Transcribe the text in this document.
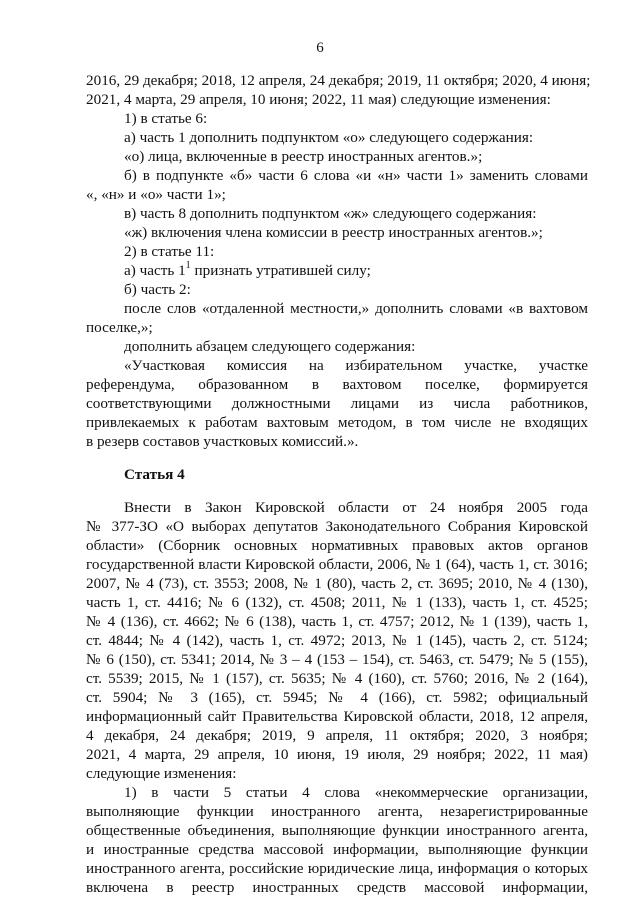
6
2016, 29 декабря; 2018, 12 апреля, 24 декабря; 2019, 11 октября; 2020, 4 июня;
2021, 4 марта, 29 апреля, 10 июня; 2022, 11 мая) следующие изменения:
1) в статье 6:
а) часть 1 дополнить подпунктом «о» следующего содержания:
«о) лица, включенные в реестр иностранных агентов.»;
б) в подпункте «б» части 6 слова «и «н» части 1» заменить словами
«, «н» и «о» части 1»;
в) часть 8 дополнить подпунктом «ж» следующего содержания:
«ж) включения члена комиссии в реестр иностранных агентов.»;
2) в статье 11:
а) часть $1^1$ признать утратившей силу;
б) часть 2:
после слов «отдаленной местности,» дополнить словами «в вахтовом
поселке,»;
дополнить абзацем следующего содержания:
«Участковая комиссия на избирательном участке, участке
референдума, образованном в вахтовом поселке, формируется
соответствующими должностными лицами из числа работников,
привлекаемых к работам вахтовым методом, в том числе не входящих
в резерв составов участковых комиссий.».
Статья 4
Внести в Закон Кировской области от 24 ноября 2005 года
№ 377-ЗО «О выборах депутатов Законодательного Собрания Кировской
области» (Сборник основных нормативных правовых актов органов
государственной власти Кировской области, 2006, № 1 (64), часть 1, ст. 3016;
2007, № 4 (73), ст. 3553; 2008, № 1 (80), часть 2, ст. 3695; 2010, № 4 (130),
часть 1, ст. 4416; № 6 (132), ст. 4508; 2011, № 1 (133), часть 1, ст. 4525;
№ 4 (136), ст. 4662; № 6 (138), часть 1, ст. 4757; 2012, № 1 (139), часть 1,
ст. 4844; № 4 (142), часть 1, ст. 4972; 2013, № 1 (145), часть 2, ст. 5124;
№ 6 (150), ст. 5341; 2014, № 3 – 4 (153 – 154), ст. 5463, ст. 5479; № 5 (155),
ст. 5539; 2015, № 1 (157), ст. 5635; № 4 (160), ст. 5760; 2016, № 2 (164),
ст. 5904; № 3 (165), ст. 5945; № 4 (166), ст. 5982; официальный
информационный сайт Правительства Кировской области, 2018, 12 апреля,
4 декабря, 24 декабря; 2019, 9 апреля, 11 октября; 2020, 3 ноября;
2021, 4 марта, 29 апреля, 10 июня, 19 июля, 29 ноября; 2022, 11 мая)
следующие изменения:
1) в части 5 статьи 4 слова «некоммерческие организации,
выполняющие функции иностранного агента, незарегистрированные
общественные объединения, выполняющие функции иностранного агента,
и иностранные средства массовой информации, выполняющие функции
иностранного агента, российские юридические лица, информация о которых
включена в реестр иностранных средств массовой информации,
